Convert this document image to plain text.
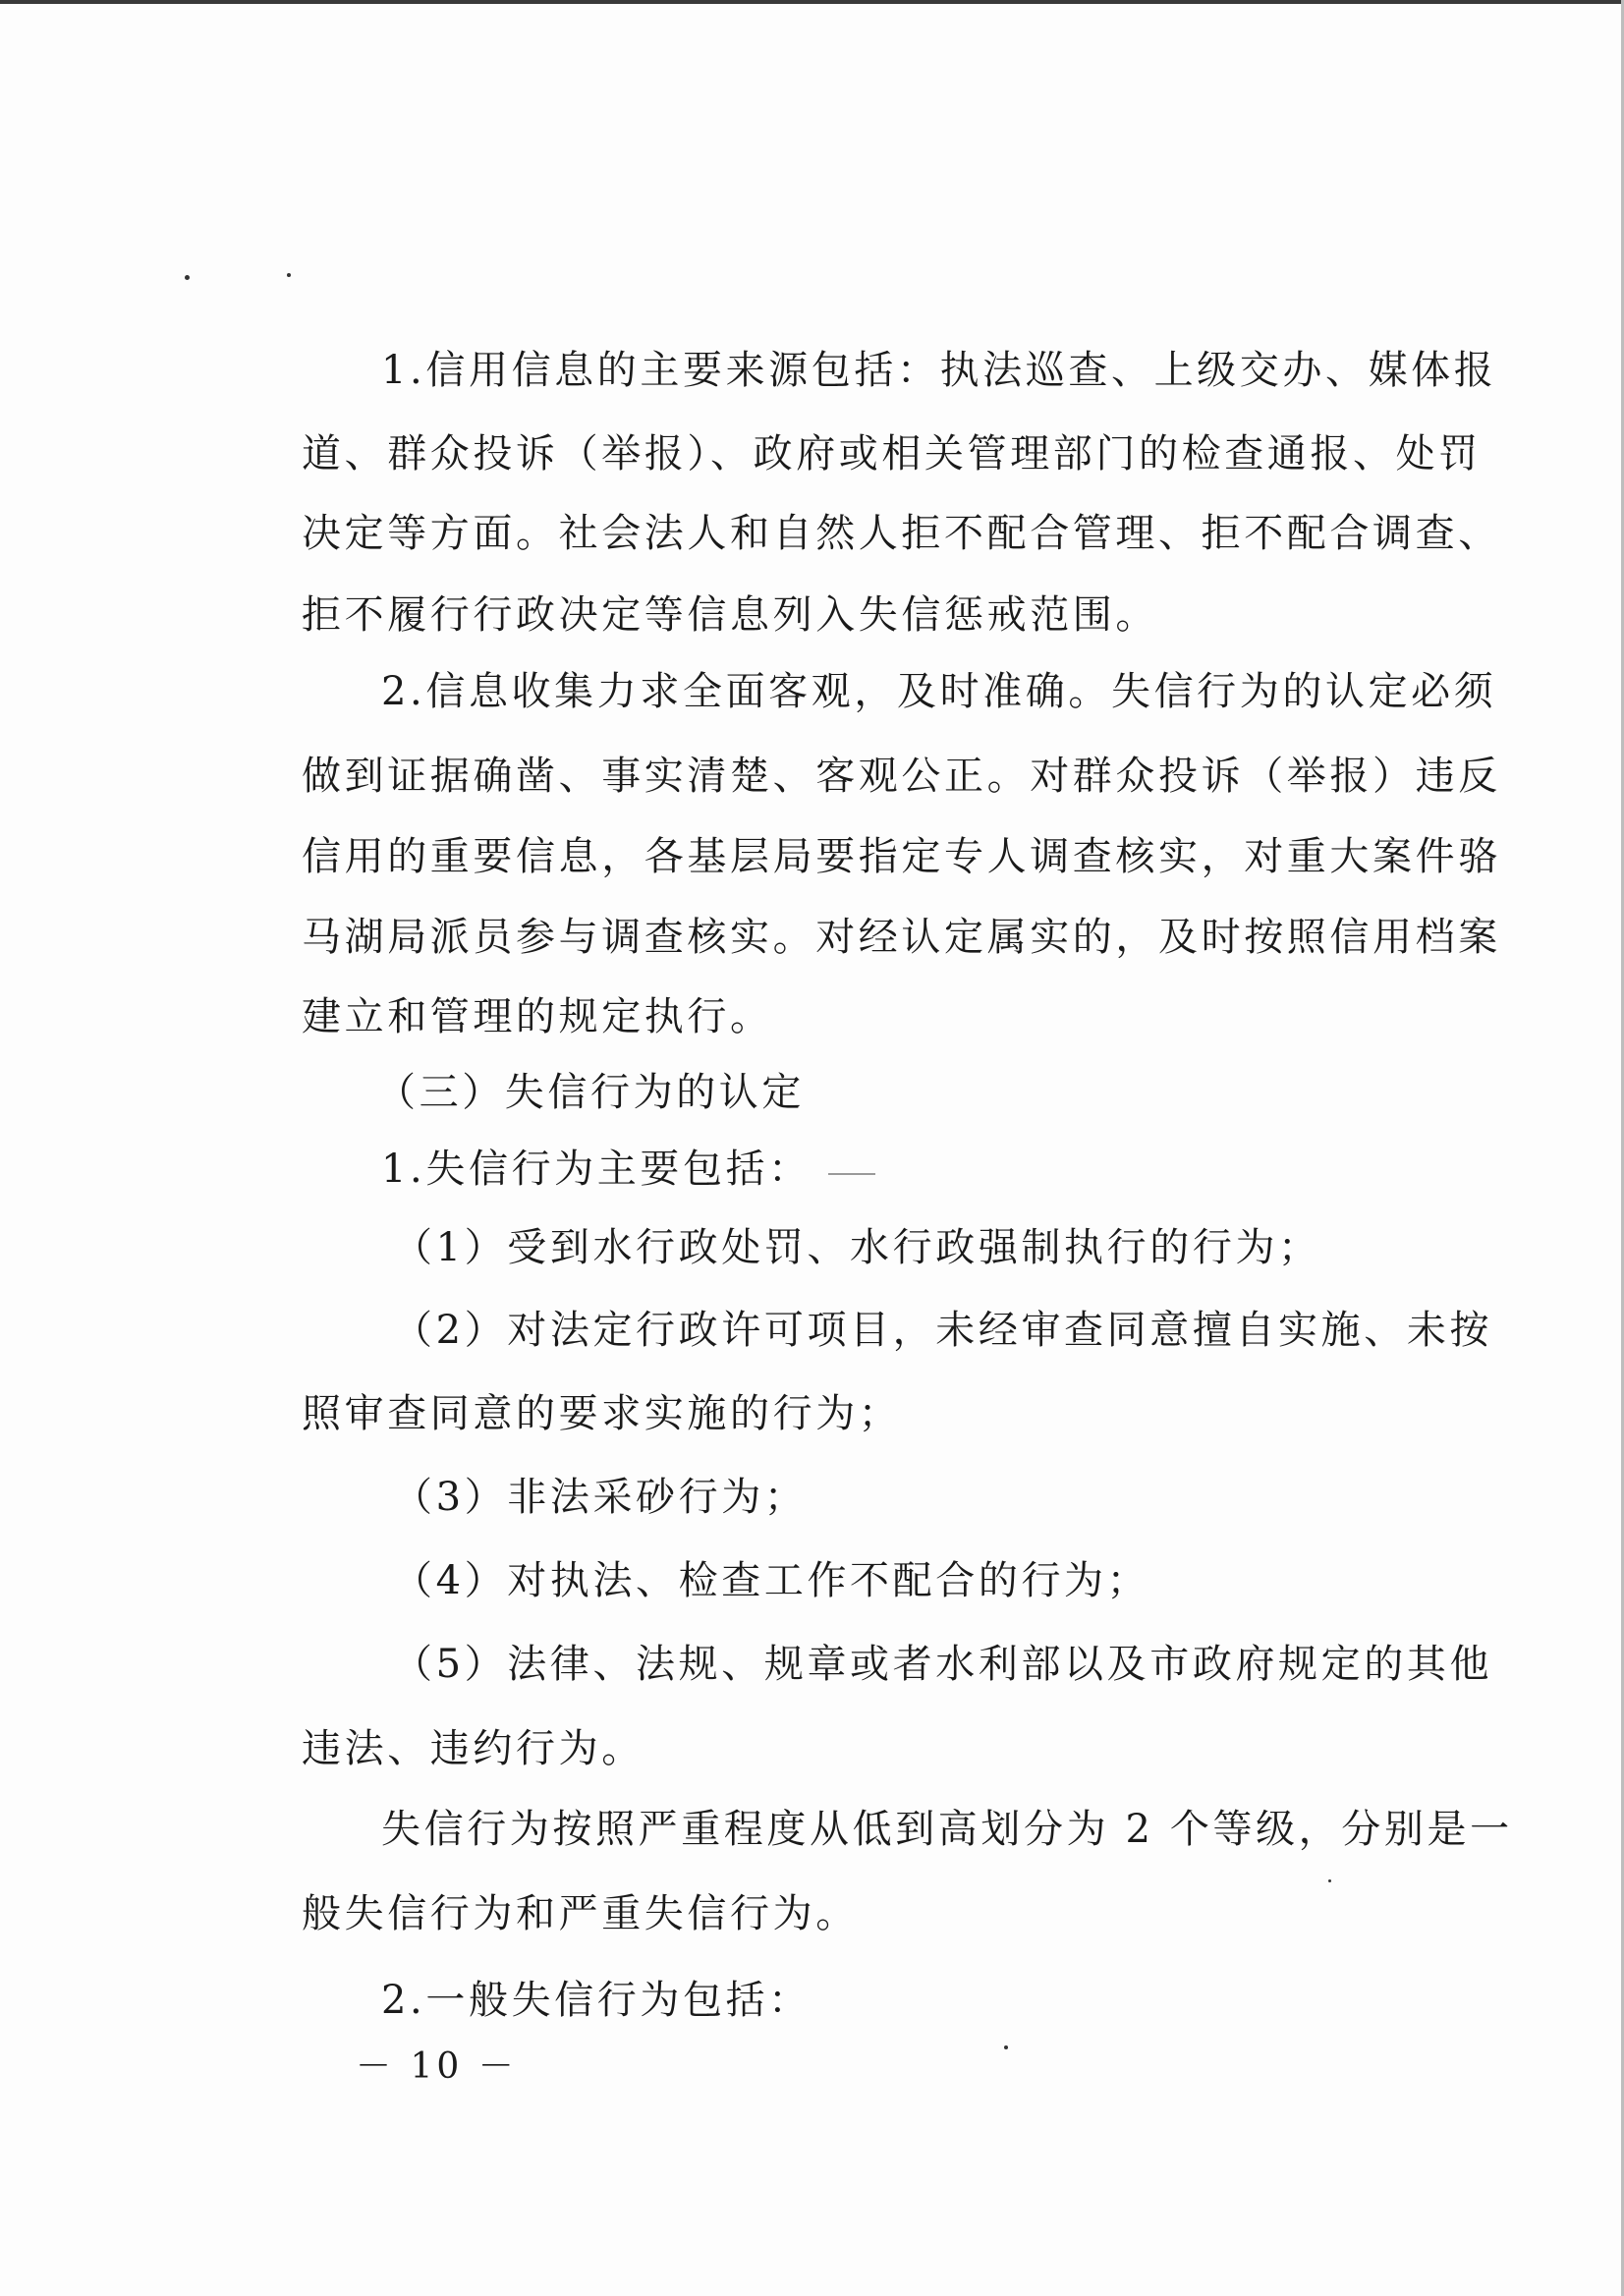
1.信用信息的主要来源包括：执法巡查、上级交办、媒体报
道、群众投诉（举报）、政府或相关管理部门的检查通报、处罚
决定等方面。社会法人和自然人拒不配合管理、拒不配合调查、
拒不履行行政决定等信息列入失信惩戒范围。
2.信息收集力求全面客观，及时准确。失信行为的认定必须
做到证据确凿、事实清楚、客观公正。对群众投诉（举报）违反
信用的重要信息，各基层局要指定专人调查核实，对重大案件骆
马湖局派员参与调查核实。对经认定属实的，及时按照信用档案
建立和管理的规定执行。
（三）失信行为的认定
1.失信行为主要包括：
（1）受到水行政处罚、水行政强制执行的行为；
（2）对法定行政许可项目，未经审查同意擅自实施、未按
照审查同意的要求实施的行为；
（3）非法采砂行为；
（4）对执法、检查工作不配合的行为；
（5）法律、法规、规章或者水利部以及市政府规定的其他
违法、违约行为。
失信行为按照严重程度从低到高划分为 2 个等级，分别是一
般失信行为和严重失信行为。
2.一般失信行为包括：
－ 10 －
